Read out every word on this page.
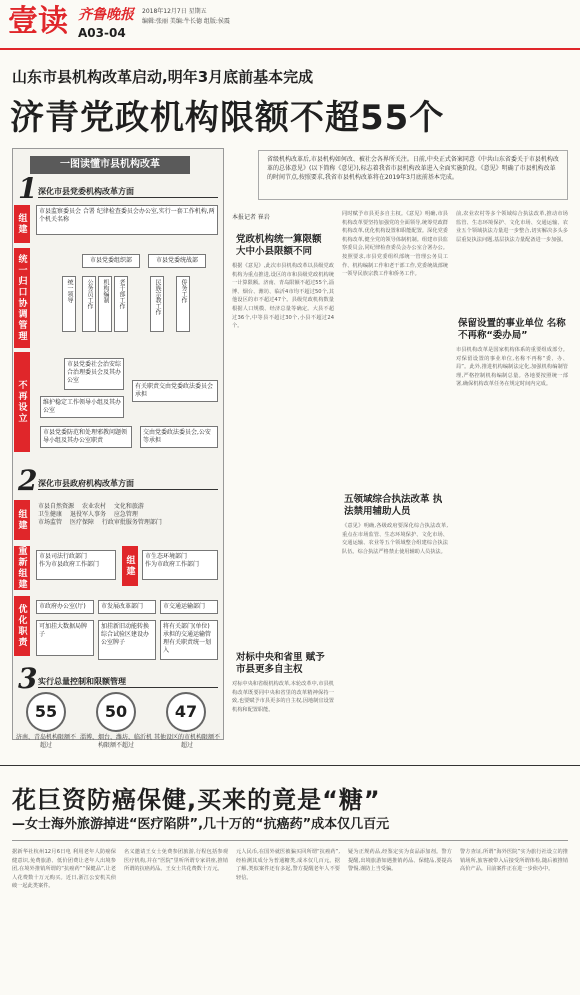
壹读 齐鲁晚报 2018年12月7日 星期五
编辑:张丽 美编:牛长德 组版:侯震
A03-04
山东市县机构改革启动,明年3月底前基本完成
济青党政机构限额不超55个
一图读懂市县机构改革
1 深化市县党委机构改革方面
组建
市县监察委员会 合署 纪律检查委员会办公室,实行一套工作机构,两个机关名称
统一归口协调管理	市县党委组织部	市县党委统战部
公务员工作	机构编制	老干部工作
统一领导	民族宗教工作	侨务工作
不再设立
市县党委社会治安综合治理委员会及其办公室
维护稳定工作领导小组及其办公室
有关职责交由党委政法委员会承担
市县党委防范和处理邪教问题领导小组及其办公室职责
交由党委政法委员会,公安等承担
2 深化市县政府机构改革方面
组建
市县自然资源　 农业农村　 文化和旅游
卫生健康　 退役军人事务　 应急管理
市场监管　 医疗保障　 行政审批服务管理部门
重新组建	市县司法行政部门
作为市县政府工作部门	组建	市生态环境部门
作为市政府工作部门
优化职责	市政府办公室(厅)	市发展改革部门	市交通运输部门
可加挂大数据局牌子
加挂新旧动能转换综合试验区建设办公室牌子
将有关部门(单位)承担的交通运输管理有关职责统一划入
3 实行总量控制和限额管理
55	50	47
济南、青岛机构限额不超过
淄博、烟台、潍坊、临沂机构限额不超过
其他设区的市机构限额不超过
省级机构改革后,市县机构如何改、被社会各界所关注。日前,中央正式备案同意《中共山东省委关于市县机构改革的总体意见》(以下简称《意见》),标志着我省市县机构改革进入全面实施阶段。《意见》明确了市县机构改革的时间节点,按照要求,我省市县机构改革将在2019年3月底前基本完成。
本报记者 崔岩
党政机构统一算限额 大中小县限额不同
根据《意见》,此次市县机构改革以县级党政机构为重点推进,设区的市和县级党政机构统一计算限额。济南、青岛限额不超过55个,淄博、烟台、潍坊、临沂4市均不超过50个,其他设区的市不超过47个。县级党政机构数量根据人口规模、经济总量等确定。大县不超过36个,中等县不超过30个,小县不超过24个。
对标中央和省里 赋予市县更多自主权
对标中央和省级机构改革,本轮改革中,市县机构改革既要同中央和省里的改革精神保持一致,也要赋予市县更多的自主权,因地制宜设置机构和配置职能。
同时赋予市县更多自主权。《意见》明确,市县机构改革要坚持加强党的全面领导,统筹党政群机构改革,优化机构设置和职能配置。深化党委机构改革,健全党的领导体制机制。组建市县监察委员会,同纪律检查委员会办公室合署办公。按照要求,市县党委组织部统一管理公务员工作、机构编制工作和老干部工作,党委统战部统一领导民族宗教工作和侨务工作。
五领域综合执法改革 执法禁用辅助人员
《意见》明确,各级政府要深化综合执法改革,重点在市场监管、生态环境保护、文化市场、交通运输、农业等五个领域整合组建综合执法队伍。综合执法严格禁止使用辅助人员执法。
前,农业农村等多个领域综合执法改革,推动市场监管、生态环境保护、文化市场、交通运输、农业五个领域执法力量进一步整合,切实解决多头多层重复执法问题,基层执法力量配备进一步加强。
保留设置的事业单位 名称不再称“委办局”
市县机构改革是国家机构体系的重要组成部分。对保留设置的事业单位,名称不再称“委、办、局”。此外,推进机构编制法定化,加强机构编制管理,严格控制机构编制总量。各地要按照统一部署,确保机构改革任务在规定时间内完成。
花巨资防癌保健,买来的竟是“糖”
—女士海外旅游掉进“医疗陷阱”,几十万的“抗癌药”成本仅几百元
据新华社杭州12月6日电 利用老年人防癌保健意识,免费旅游、低价团费让老年人出境参团,在境外推销所谓的“抗癌药”“保健品”,让老人花费数十万元购买。近日,浙江公安机关侦破一起此类案件。
名义邀请王女士免费参团旅游,行程包括参观医疗机构,并在“医院”里听所谓专家讲座,推销所谓的抗癌药品。王女士共花费数十万元。
元人民币,在国外就医被骗买回所谓“抗癌药”,经检测其成分为普通糖类,成本仅几百元。据了解,类似案件还有多起,警方提醒老年人不要轻信。
疑为正规药品,经鉴定实为食品添加剂。警方提醒,出境旅游如遇推销药品、保健品,要提高警惕,谨防上当受骗。
警方查证,所谓“海外医院”实为旅行社设立的推销场所,旅客被带入后接受所谓体检,随后被推销高价产品。目前案件正在进一步侦办中。
